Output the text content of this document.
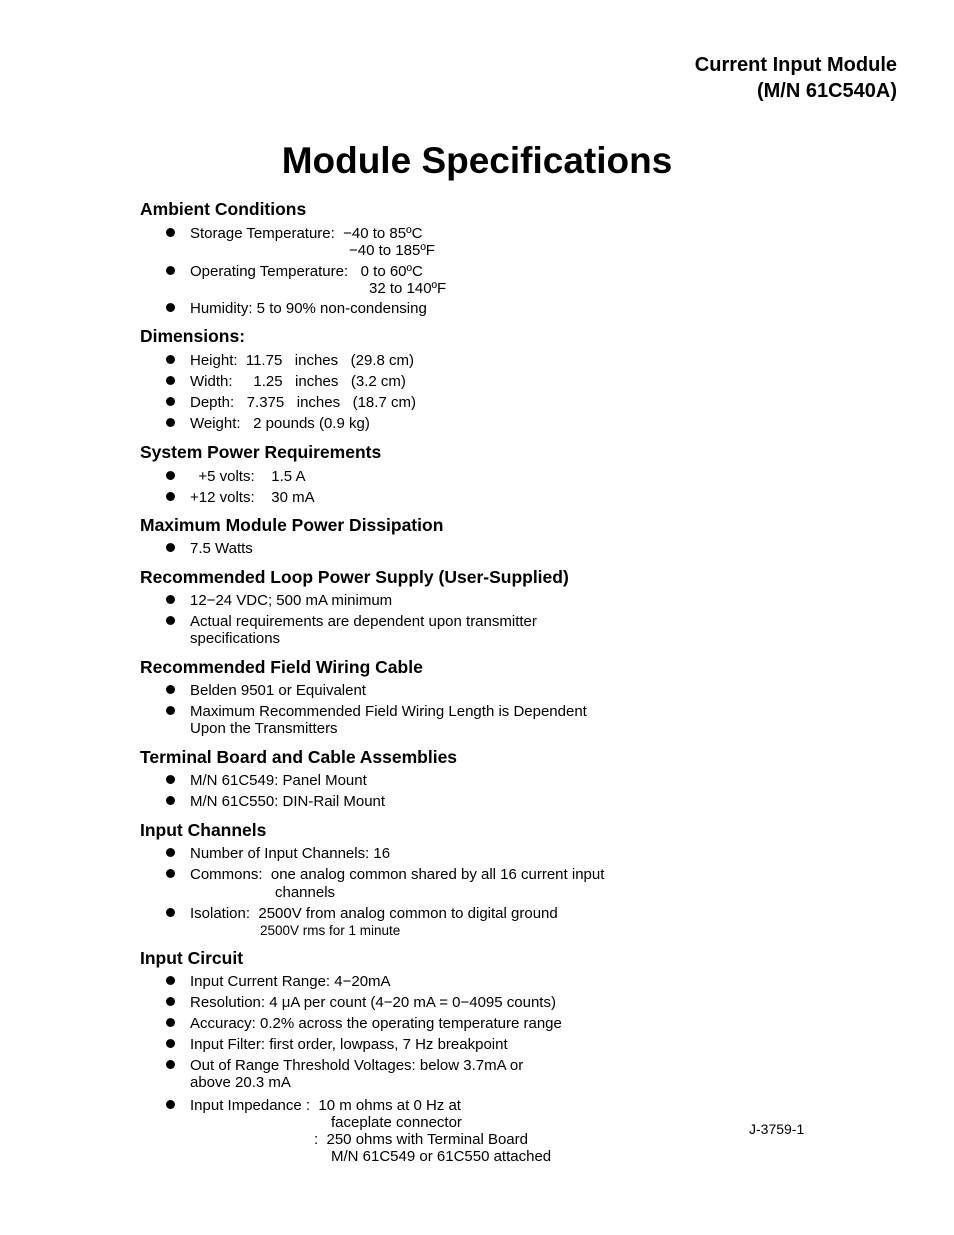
Current Input Module
(M/N 61C540A)
Module Specifications
Ambient Conditions
Storage Temperature:  −40 to 85ºC
−40 to 185ºF
Operating Temperature:   0 to 60ºC
32 to 140ºF
Humidity: 5 to 90% non-condensing
Dimensions:
Height:  11.75   inches   (29.8 cm)
Width:     1.25   inches   (3.2 cm)
Depth:   7.375   inches   (18.7 cm)
Weight:   2 pounds (0.9 kg)
System Power Requirements
+5 volts:    1.5 A
+12 volts:    30 mA
Maximum Module Power Dissipation
7.5 Watts
Recommended Loop Power Supply (User-Supplied)
12−24 VDC; 500 mA minimum
Actual requirements are dependent upon transmitter
specifications
Recommended Field Wiring Cable
Belden 9501 or Equivalent
Maximum Recommended Field Wiring Length is Dependent
Upon the Transmitters
Terminal Board and Cable Assemblies
M/N 61C549: Panel Mount
M/N 61C550: DIN-Rail Mount
Input Channels
Number of Input Channels: 16
Commons:  one analog common shared by all 16 current input
channels
Isolation:  2500V from analog common to digital ground
2500V rms for 1 minute
Input Circuit
Input Current Range: 4−20mA
Resolution: 4 μA per count (4−20 mA = 0−4095 counts)
Accuracy: 0.2% across the operating temperature range
Input Filter: first order, lowpass, 7 Hz breakpoint
Out of Range Threshold Voltages: below 3.7mA or
above 20.3 mA
Input Impedance :  10 m ohms at 0 Hz at
faceplate connector
:  250 ohms with Terminal Board
M/N 61C549 or 61C550 attached
J-3759-1
